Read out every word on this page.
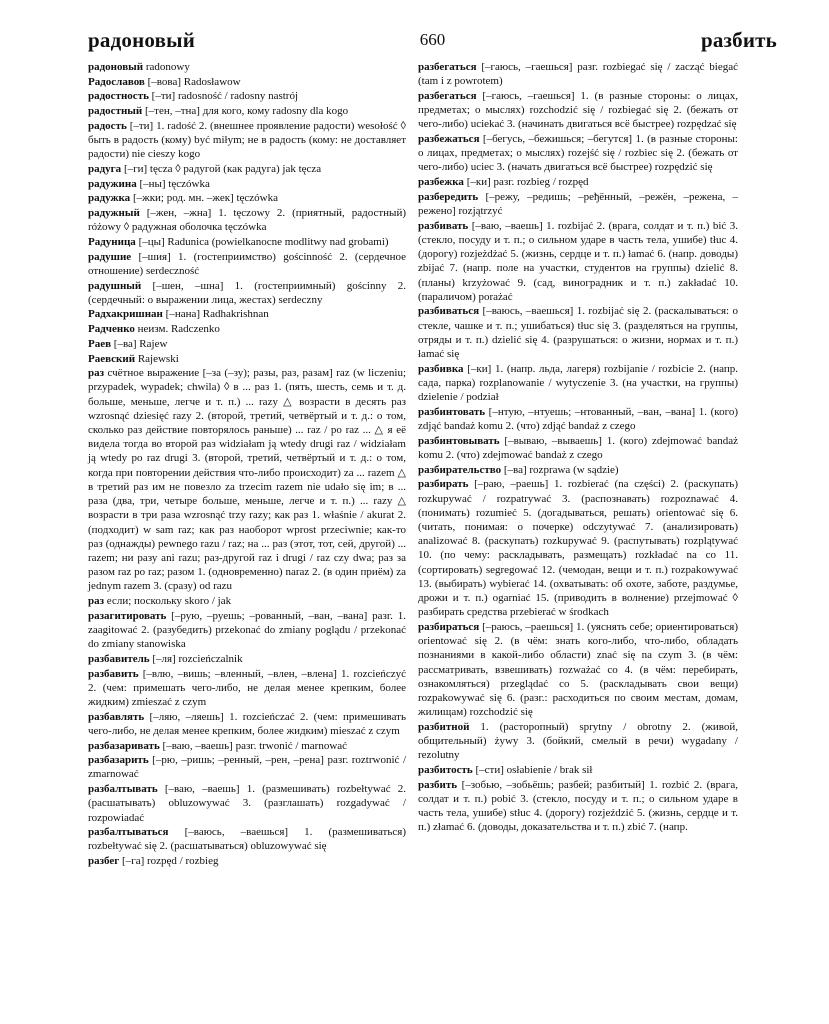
радоновый	660	разбить
радоновый radonowy
Радославов [–вова] Radosławow
радостность [–ти] radosność / radosny nastrój
радостный [–тен, –тна] для кого, кому radosny dla kogo
радость [–ти] 1. radość 2. (внешнее проявление радости) wesołość ◊ быть в радость (кому) być miłym; не в радость (кому: не доставляет радости) nie cieszy kogo
радуга [–ги] tęcza ◊ радугой (как радуга) jak tęcza
радужина [–ны] tęczówka
радужка [–жки; род. мн. –жек] tęczówka
радужный [–жен, –жна] 1. tęczowy 2. (приятный, радостный) różowy ◊ радужная оболочка tęczówka
Радуница [–цы] Radunica (powielkanocne modlitwy nad grobami)
радушие [–шия] 1. (гостеприимство) gościnność 2. (сердечное отношение) serdeczność
радушный [–шен, –шна] 1. (гостеприимный) gościnny 2. (сердечный: о выражении лица, жестах) serdeczny
Радхакришнан [–нана] Radhakrishnan
Радченко неизм. Radczenko
Раев [–ва] Rajew
Раевский Rajewski
раз счётное выражение [–за (–зу); разы, раз, разам] raz (w liczeniu; przypadek, wypadek; chwila) ◊ в ... раз 1. (пять, шесть, семь и т. д. больше, меньше, легче и т. п.) ... razy △ возрасти в десять раз wzrosnąć dziesięć razy 2. (второй, третий, четвёртый и т. д.: о том, сколько раз действие повторялось раньше) ... raz / po raz ... △ я её видела тогда во второй раз widziałam ją wtedy drugi raz / widziałam ją wtedy po raz drugi 3. (второй, третий, четвёртый и т. д.: о том, когда при повторении действия что-либо происходит) za ... razem △ в третий раз им не повезло za trzecim razem nie udało się im; в ... раза (два, три, четыре больше, меньше, легче и т. п.) ... razy △ возрасти в три раза wzrosnąć trzy razy; как раз 1. właśnie / akurat 2. (подходит) w sam raz; как раз наоборот wprost przeciwnie; как-то раз (однажды) pewnego razu / raz; на ... раз (этот, тот, сей, другой) ... razem; ни разу ani razu; раз-другой raz i drugi / raz czy dwa; раз за разом raz po raz; разом 1. (одновременно) naraz 2. (в один приём) za jednym razem 3. (сразу) od razu
раз если; поскольку skoro / jak
разагитировать [–рую, –руешь; –рованный, –ван, –вана] разг. 1. zaagitować 2. (разубедить) przekonać do zmiany poglądu / przekonać do zmiany stanowiska
разбавитель [–ля] rozcieńczalnik
разбавить [–влю, –вишь; –вленный, –влен, –влена] 1. rozcieńczyć 2. (чем: примешать чего-либо, не делая менее крепким, более жидким) zmieszać z czym
разбавлять [–ляю, –ляешь] 1. rozcieńczać 2. (чем: примешивать чего-либо, не делая менее крепким, более жидким) mieszać z czym
разбазаривать [–ваю, –ваешь] разг. trwonić / marnować
разбазарить [–рю, –ришь; –ренный, –рен, –рена] разг. roztrwonić / zmarnować
разбалтывать [–ваю, –ваешь] 1. (размешивать) rozbełtywać 2. (расшатывать) obluzowywać 3. (разглашать) rozgadywać / rozpowiadać
разбалтываться [–ваюсь, –ваешься] 1. (размешиваться) rozbełtywać się 2. (расшатываться) obluzowywać się
разбег [–га] rozpęd / rozbieg
разбегаться [–гаюсь, –гаешься] разг. rozbiegać się / zacząć biegać (tam i z powrotem)
разбегаться [–гаюсь, –гаешься] 1. (в разные стороны: о лицах, предметах; о мыслях) rozchodzić się / rozbiegać się 2. (бежать от чего-либо) uciekać 3. (начинать двигаться всё быстрее) rozpędzać się
разбежаться [–бегусь, –бежишься; –бегутся] 1. (в разные стороны: о лицах, предметах; о мыслях) rozejść się / rozbiec się 2. (бежать от чего-либо) uciec 3. (начать двигаться всё быстрее) rozpędzić się
разбежка [–ки] разг. rozbieg / rozpęd
разбередить [–режу, –редишь; –ређённый, –режён, –режена, –режено] rozjątrzyć
разбивать [–ваю, –ваешь] 1. rozbijać 2. (врага, солдат и т. п.) bić 3. (стекло, посуду и т. п.; о сильном ударе в часть тела, ушибе) tłuc 4. (дорогу) rozjeżdżać 5. (жизнь, сердце и т. п.) łamać 6. (напр. доводы) zbijać 7. (напр. поле на участки, студентов на группы) dzielić 8. (планы) krzyżować 9. (сад, виноградник и т. п.) zakładać 10. (параличом) porażać
разбиваться [–ваюсь, –ваешься] 1. rozbijać się 2. (раскалываться: о стекле, чашке и т. п.; ушибаться) tłuc się 3. (разделяться на группы, отряды и т. п.) dzielić się 4. (разрушаться: о жизни, нормах и т. п.) łamać się
разбивка [–ки] 1. (напр. льда, лагеря) rozbijanie / rozbicie 2. (напр. сада, парка) rozplanowanie / wytyczenie 3. (на участки, на группы) dzielenie / podział
разбинтовать [–нтую, –нтуешь; –нтованный, –ван, –вана] 1. (кого) zdjąć bandaż komu 2. (что) zdjąć bandaż z czego
разбинтовывать [–вываю, –вываешь] 1. (кого) zdejmować bandaż komu 2. (что) zdejmować bandaż z czego
разбирательство [–ва] rozprawa (w sądzie)
разбирать [–раю, –раешь] 1. rozbierać (na części) 2. (раскупать) rozkupywać / rozpatrywać 3. (распознавать) rozpoznawać 4. (понимать) rozumieć 5. (догадываться, решать) orientować się 6. (читать, понимая: о почерке) odczytywać 7. (анализировать) analizować 8. (раскупать) rozkupywać 9. (распутывать) rozplątywać 10. (по чему: раскладывать, размещать) rozkładać na co 11. (сортировать) segregować 12. (чемодан, вещи и т. п.) rozpakowywać 13. (выбирать) wybierać 14. (охватывать: об охоте, заботе, раздумье, дрожи и т. п.) ogarniać 15. (приводить в волнение) przejmować ◊ разбирать средства przebierać w środkach
разбираться [–раюсь, –раешься] 1. (уяснять себе; ориентироваться) orientować się 2. (в чём: знать кого-либо, что-либо, обладать познаниями в какой-либо области) znać się na czym 3. (в чём: рассматривать, взвешивать) rozważać co 4. (в чём: перебирать, ознакомляться) przeglądać co 5. (раскладывать свои вещи) rozpakowywać się 6. (разг.: расходиться по своим местам, домам, жилищам) rozchodzić się
разбитной 1. (расторопный) sprytny / obrotny 2. (живой, общительный) żywy 3. (бойкий, смелый в речи) wygadany / rezolutny
разбитость [–сти] osłabienie / brak sił
разбить [–зобью, –зобьёшь; разбей; разбитый] 1. rozbić 2. (врага, солдат и т. п.) pobić 3. (стекло, посуду и т. п.; о сильном ударе в часть тела, ушибе) stłuc 4. (дорогу) rozjeździć 5. (жизнь, сердце и т. п.) złamać 6. (доводы, доказательства и т. п.) zbić 7. (напр.
